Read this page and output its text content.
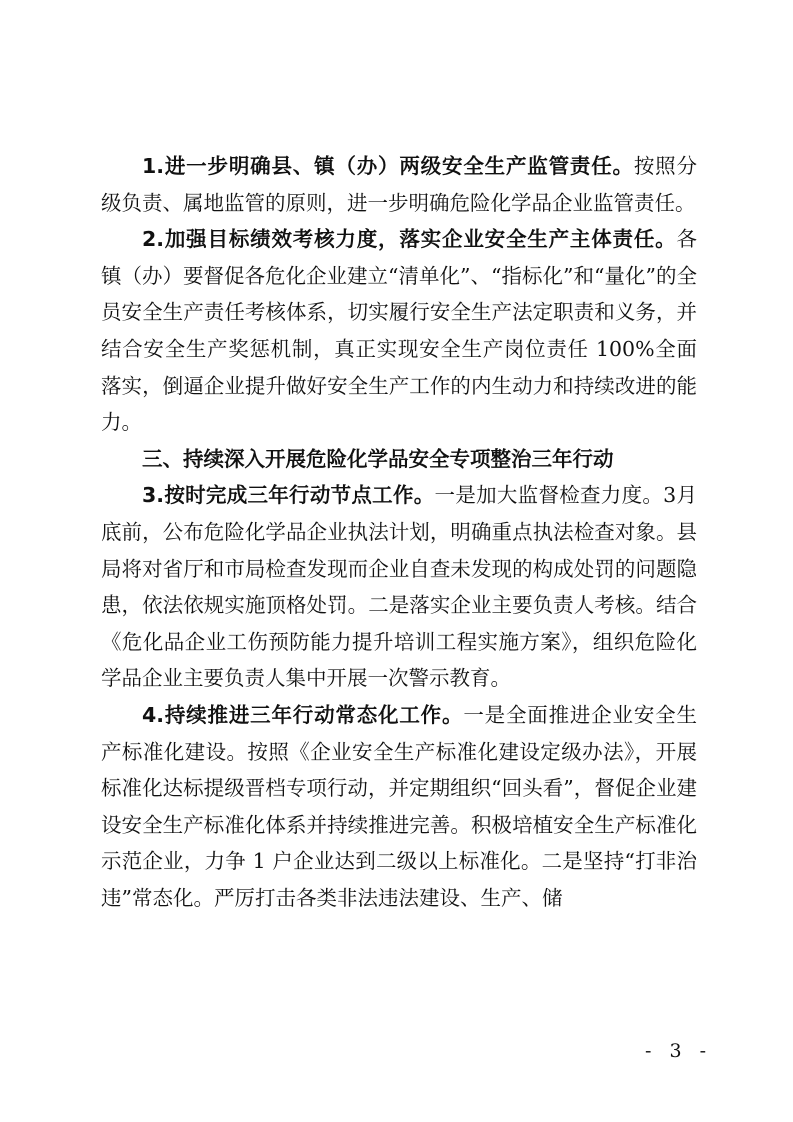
1.进一步明确县、镇（办）两级安全生产监管责任。按照分级负责、属地监管的原则，进一步明确危险化学品企业监管责任。

2.加强目标绩效考核力度，落实企业安全生产主体责任。各镇（办）要督促各危化企业建立“清单化”、“指标化”和“量化”的全员安全生产责任考核体系，切实履行安全生产法定职责和义务，并结合安全生产奖惩机制，真正实现安全生产岗位责任 100%全面落实，倒逼企业提升做好安全生产工作的内生动力和持续改进的能力。

三、持续深入开展危险化学品安全专项整治三年行动

3.按时完成三年行动节点工作。一是加大监督检查力度。3月底前，公布危险化学品企业执法计划，明确重点执法检查对象。县局将对省厅和市局检查发现而企业自查未发现的构成处罚的问题隐患，依法依规实施顶格处罚。二是落实企业主要负责人考核。结合《危化品企业工伤预防能力提升培训工程实施方案》，组织危险化学品企业主要负责人集中开展一次警示教育。

4.持续推进三年行动常态化工作。一是全面推进企业安全生产标准化建设。按照《企业安全生产标准化建设定级办法》，开展标准化达标提级晋档专项行动，并定期组织“回头看”，督促企业建设安全生产标准化体系并持续推进完善。积极培植安全生产标准化示范企业，力争 1 户企业达到二级以上标准化。二是坚持“打非治违”常态化。严厉打击各类非法违法建设、生产、储

- 3 -
